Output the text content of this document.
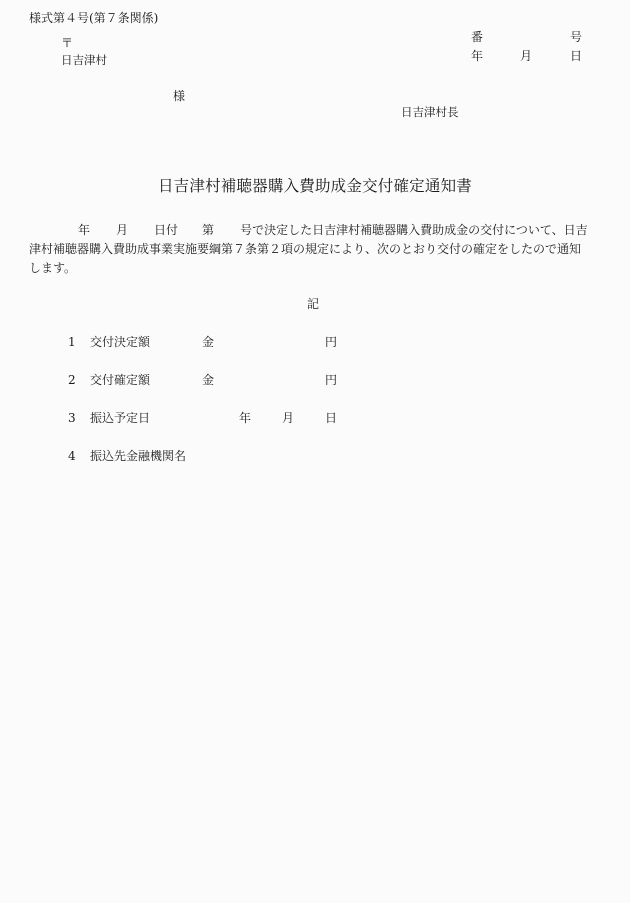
様式第４号(第７条関係)
〒
日吉津村
様
番	号
年	月	日
日吉津村長
日吉津村補聴器購入費助成金交付確定通知書
年 月 日付 第 号で決定した日吉津村補聴器購入費助成金の交付について、日吉
津村補聴器購入費助成事業実施要綱第７条第２項の規定により、次のとおり交付の確定をしたので通知
します。
記
1 交付決定額	金	円
2 交付確定額	金	円
3 振込予定日	年	月	日
4 振込先金融機関名
